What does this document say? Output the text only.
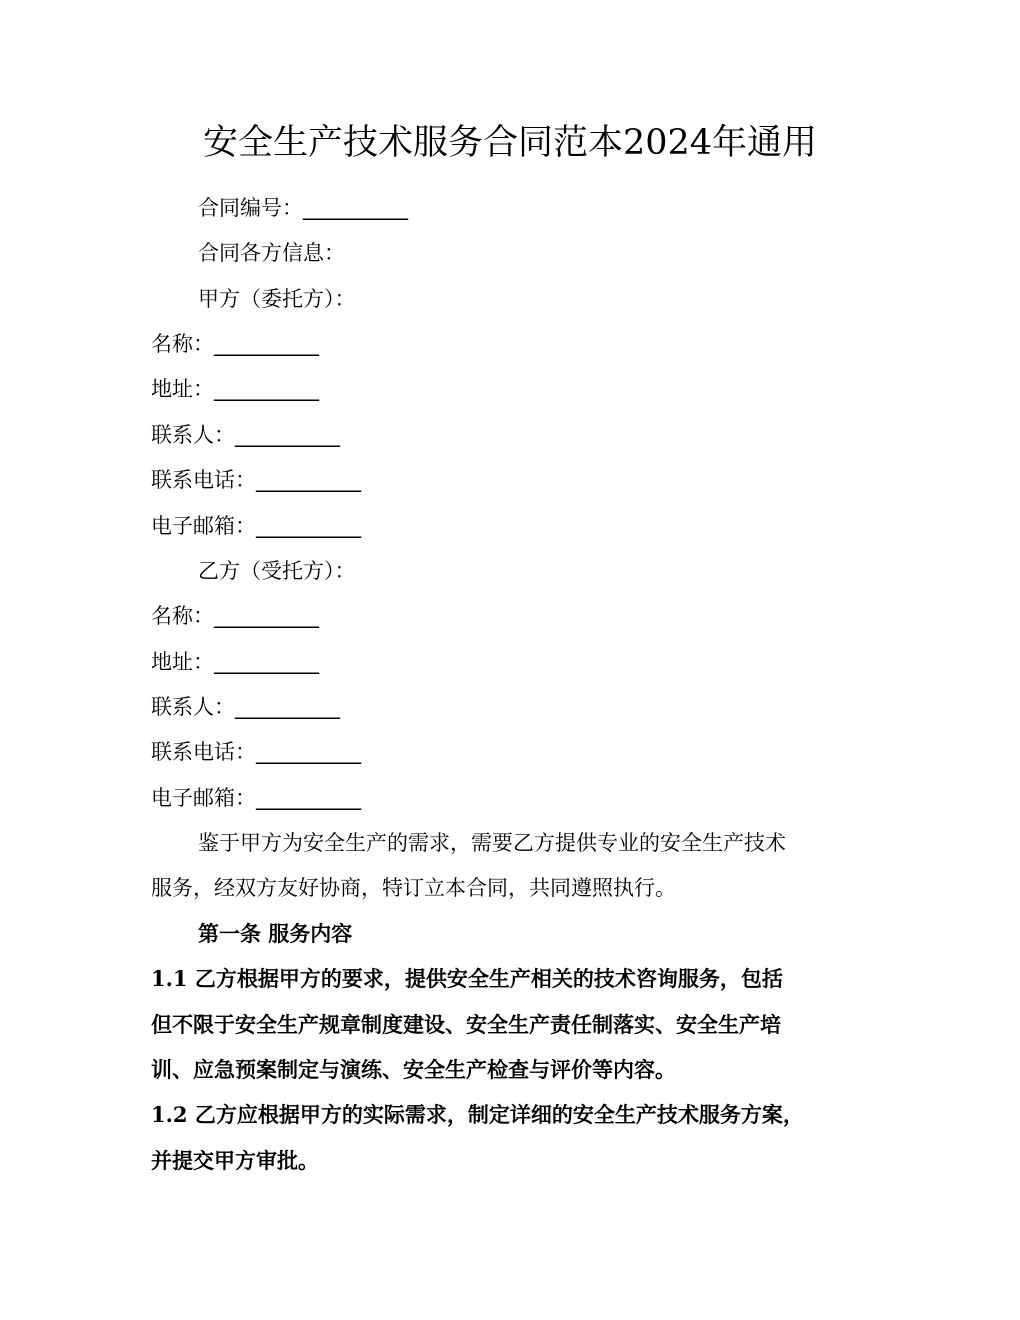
安全生产技术服务合同范本2024年通用
合同编号：__________
合同各方信息：
甲方（委托方）：
名称：__________
地址：__________
联系人：__________
联系电话：__________
电子邮箱：__________
乙方（受托方）：
名称：__________
地址：__________
联系人：__________
联系电话：__________
电子邮箱：__________
鉴于甲方为安全生产的需求，需要乙方提供专业的安全生产技术
服务，经双方友好协商，特订立本合同，共同遵照执行。
第一条 服务内容
1.1 乙方根据甲方的要求，提供安全生产相关的技术咨询服务，包括
但不限于安全生产规章制度建设、安全生产责任制落实、安全生产培
训、应急预案制定与演练、安全生产检查与评价等内容。
1.2 乙方应根据甲方的实际需求，制定详细的安全生产技术服务方案，
并提交甲方审批。
